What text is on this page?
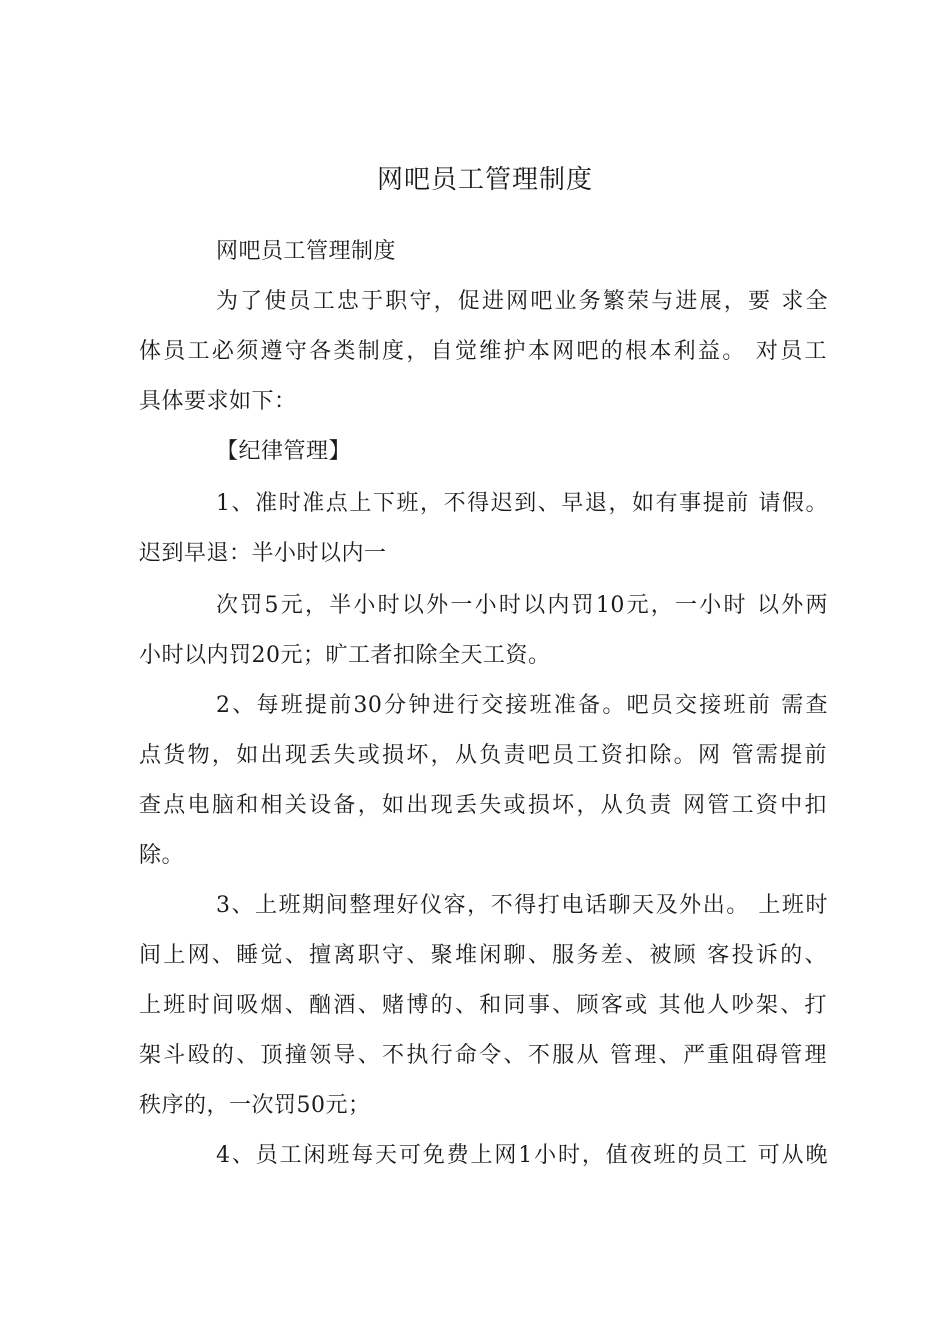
网吧员工管理制度
网吧员工管理制度
为了使员工忠于职守，促进网吧业务繁荣与进展，要 求全
体员工必须遵守各类制度，自觉维护本网吧的根本利益。 对员工
具体要求如下：
【纪律管理】
1、准时准点上下班，不得迟到、早退，如有事提前 请假。
迟到早退：半小时以内一
次罚5元，半小时以外一小时以内罚10元，一小时 以外两
小时以内罚20元；旷工者扣除全天工资。
2、每班提前30分钟进行交接班准备。吧员交接班前 需查
点货物，如出现丢失或损坏，从负责吧员工资扣除。网 管需提前
查点电脑和相关设备，如出现丢失或损坏，从负责 网管工资中扣
除。
3、上班期间整理好仪容，不得打电话聊天及外出。 上班时
间上网、睡觉、擅离职守、聚堆闲聊、服务差、被顾 客投诉的、
上班时间吸烟、酗酒、赌博的、和同事、顾客或 其他人吵架、打
架斗殴的、顶撞领导、不执行命令、不服从 管理、严重阻碍管理
秩序的，一次罚50元；
4、员工闲班每天可免费上网1小时，值夜班的员工 可从晚
